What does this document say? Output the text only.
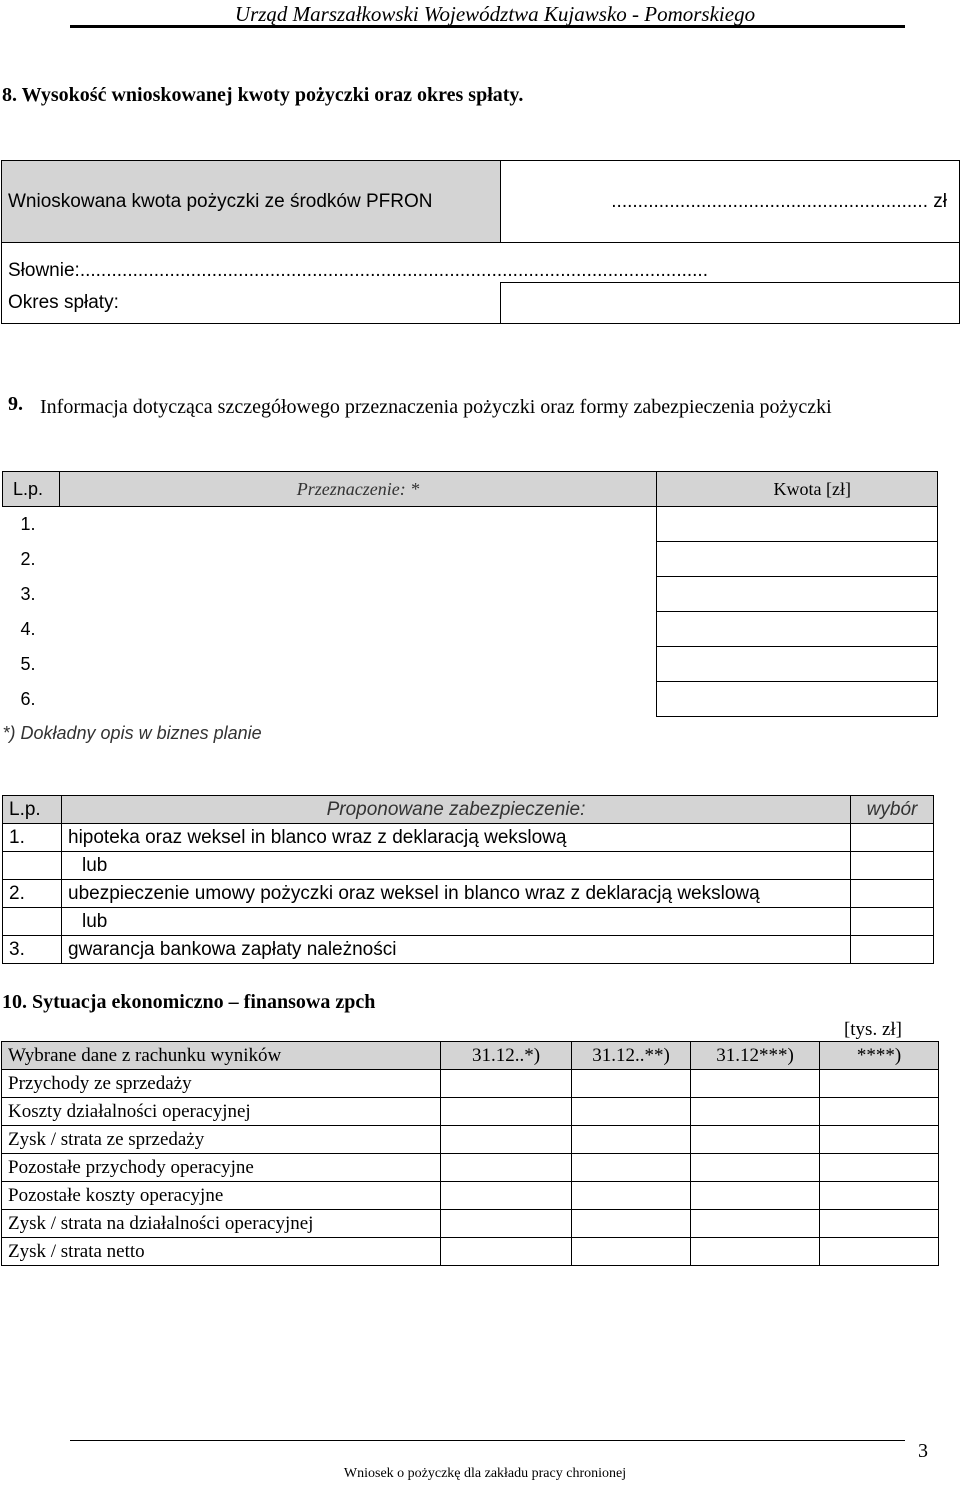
Urząd Marszałkowski Województwa Kujawsko - Pomorskiego
8. Wysokość wnioskowanej kwoty pożyczki oraz okres spłaty.
Wnioskowana kwota pożyczki ze środków PFRON	............................................................ zł
Słownie:.......................................................................................................................	
Okres spłaty:	
9. Informacja dotycząca szczegółowego przeznaczenia pożyczki oraz formy zabezpieczenia pożyczki
L.p.	Przeznaczenie: *	Kwota [zł]
1.		
2.		
3.		
4.		
5.		
6.		
*) Dokładny opis w biznes planie		
L.p.	Proponowane zabezpieczenie:	wybór
1.	hipoteka oraz weksel in blanco wraz z deklaracją wekslową	
	lub	
2.	ubezpieczenie umowy pożyczki oraz weksel in blanco wraz z deklaracją wekslową	
	lub	
3.	gwarancja bankowa zapłaty należności	
10. Sytuacja ekonomiczno – finansowa zpch
[tys. zł]
Wybrane dane z rachunku wyników	31.12..*)	31.12..**)	31.12***)	****)
Przychody ze sprzedaży				
Koszty działalności operacyjnej				
Zysk / strata ze sprzedaży				
Pozostałe przychody operacyjne				
Pozostałe koszty operacyjne				
Zysk / strata na działalności operacyjnej				
Zysk / strata netto				
3
Wniosek o pożyczkę dla zakładu pracy chronionej
